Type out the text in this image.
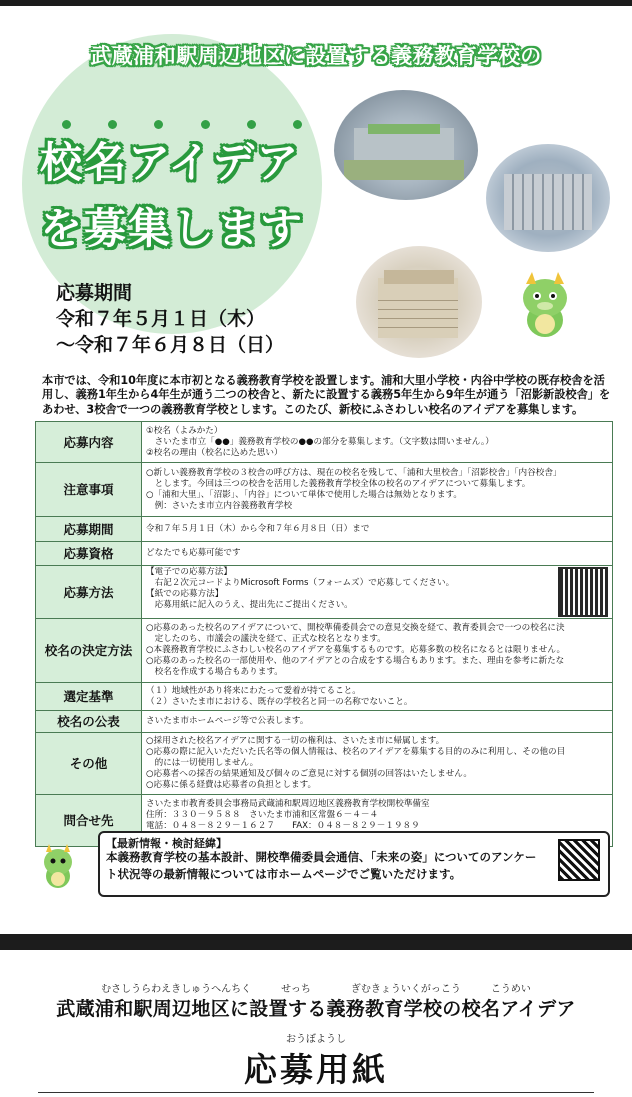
武蔵浦和駅周辺地区に設置する義務教育学校の
校名アイデア
を募集します
応募期間
令和７年５月１日（木）
～令和７年６月８日（日）
本市では、令和10年度に本市初となる義務教育学校を設置します。浦和大里小学校・内谷中学校の既存校舎を活用し、義務1年生から4年生が通う二つの校舎と、新たに設置する義務5年生から9年生が通う「沼影新設校舎」をあわせ、3校舎で一つの義務教育学校とします。このたび、新校にふさわしい校名のアイデアを募集します。
応募内容	①校名（よみかた）
　さいたま市立「●●」義務教育学校の●●の部分を募集します。（文字数は問いません。）
②校名の理由（校名に込めた思い）

注意事項	○新しい義務教育学校の３校舎の呼び方は、現在の校名を残して、「浦和大里校舎」「沼影校舎」「内谷校舎」
　とします。今回は三つの校舎を活用した義務教育学校全体の校名のアイデアについて募集します。
○「浦和大里」、「沼影」、「内谷」について単体で使用した場合は無効となります。
　例：さいたま市立内谷義務教育学校

応募期間	令和７年５月１日（木）から令和７年６月８日（日）まで

応募資格	どなたでも応募可能です

応募方法	【電子での応募方法】
　右記２次元コードよりMicrosoft Forms（フォームズ）で応募してください。
【紙での応募方法】
　応募用紙に記入のうえ、提出先にご提出ください。

校名の決定方法	○応募のあった校名のアイデアについて、開校準備委員会での意見交換を経て、教育委員会で一つの校名に決
　定したのち、市議会の議決を経て、正式な校名となります。
○本義務教育学校にふさわしい校名のアイデアを募集するものです。応募多数の校名になるとは限りません。
○応募のあった校名の一部使用や、他のアイデアとの合成をする場合もあります。また、理由を参考に新たな
　校名を作成する場合もあります。

選定基準	（１）地域性があり将来にわたって愛着が持てること。
（２）さいたま市における、既存の学校名と同一の名称でないこと。

校名の公表	さいたま市ホームページ等で公表します。

その他	○採用された校名アイデアに関する一切の権利は、さいたま市に帰属します。
○応募の際に記入いただいた氏名等の個人情報は、校名のアイデアを募集する目的のみに利用し、その他の目
　的には一切使用しません。
○応募者への採否の結果通知及び個々のご意見に対する個別の回答はいたしません。
○応募に係る経費は応募者の負担とします。

問合せ先	さいたま市教育委員会事務局武蔵浦和駅周辺地区義務教育学校開校準備室
住所：３３０－９５８８　さいたま市浦和区常盤６－４－４
電話：０４８－８２９－１６２７　　FAX：０４８－８２９－１９８９
【最新情報・検討経緯】
本義務教育学校の基本設計、開校準備委員会通信、「未来の姿」についてのアンケート状況等の最新情報については市ホームページでご覧いただけます。
むさしうらわえきしゅうへんちく　　　せっち　　　　ぎむきょういくがっこう　　　こうめい
武蔵浦和駅周辺地区に設置する義務教育学校の校名アイデア
おうぼようし
応募用紙
